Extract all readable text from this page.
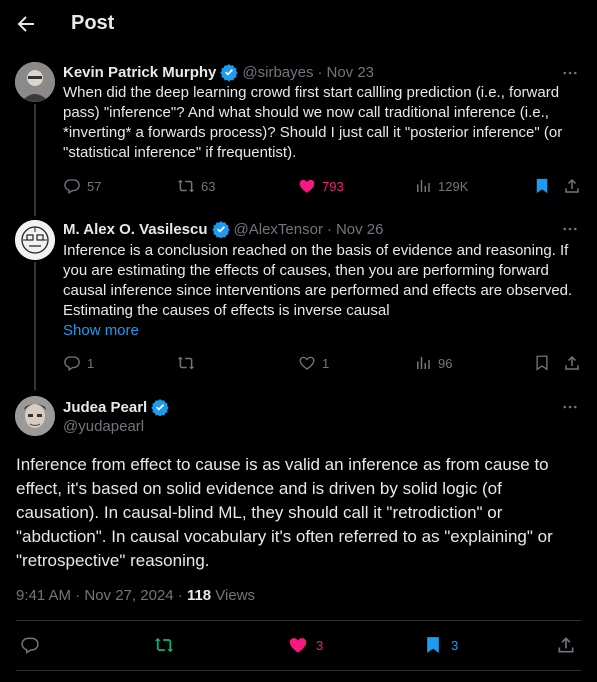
Post
Kevin Patrick Murphy @sirbayes · Nov 23
When did the deep learning crowd first start callling prediction (i.e., forward pass) "inference"? And what should we now call traditional inference (i.e., *inverting* a forwards process)? Should I just call it "posterior inference" (or "statistical inference" if frequentist).
57	63	793	129K
M. Alex O. Vasilescu @AlexTensor · Nov 26
Inference is a conclusion reached on the basis of evidence and reasoning. If you are estimating the effects of causes, then you are performing forward causal inference since interventions are performed and effects are observed. Estimating the causes of effects is inverse causal
Show more
1	1	96
Judea Pearl
@yudapearl
Inference from effect to cause is as valid an inference as from cause to effect, it's based on solid evidence and is driven by solid logic (of causation). In causal-blind ML, they should call it "retrodiction" or "abduction". In causal vocabulary it's often referred to as "explaining" or "retrospective" reasoning.
9:41 AM · Nov 27, 2024 · 118 Views
3	3
